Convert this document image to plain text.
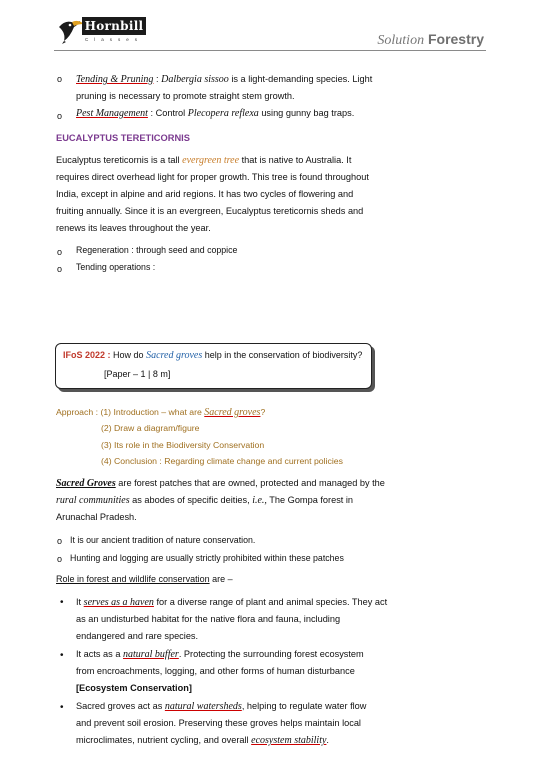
Hornbill
Classes	Solution Forestry
o Tending & Pruning : Dalbergia sissoo is a light-demanding species. Light
pruning is necessary to promote straight stem growth.
o Pest Management : Control Plecopera reflexa using gunny bag traps.
EUCALYPTUS TERETICORNIS
Eucalyptus tereticornis is a tall evergreen tree that is native to Australia. It
requires direct overhead light for proper growth. This tree is found throughout
India, except in alpine and arid regions. It has two cycles of flowering and
fruiting annually. Since it is an evergreen, Eucalyptus tereticornis sheds and
renews its leaves throughout the year.
o Regeneration : through seed and coppice
o Tending operations :
IFoS 2022 : How do Sacred groves help in the conservation of biodiversity?
[Paper – 1 | 8 m]
Approach : (1) Introduction – what are Sacred groves?
(2) Draw a diagram/figure
(3) Its role in the Biodiversity Conservation
(4) Conclusion : Regarding climate change and current policies
Sacred Groves are forest patches that are owned, protected and managed by the
rural communities as abodes of specific deities, i.e., The Gompa forest in
Arunachal Pradesh.
o It is our ancient tradition of nature conservation.
o Hunting and logging are usually strictly prohibited within these patches
Role in forest and wildlife conservation are –
• It serves as a haven for a diverse range of plant and animal species. They act
as an undisturbed habitat for the native flora and fauna, including
endangered and rare species.
• It acts as a natural buffer. Protecting the surrounding forest ecosystem
from encroachments, logging, and other forms of human disturbance
[Ecosystem Conservation]
• Sacred groves act as natural watersheds, helping to regulate water flow
and prevent soil erosion. Preserving these groves helps maintain local
microclimates, nutrient cycling, and overall ecosystem stability.
